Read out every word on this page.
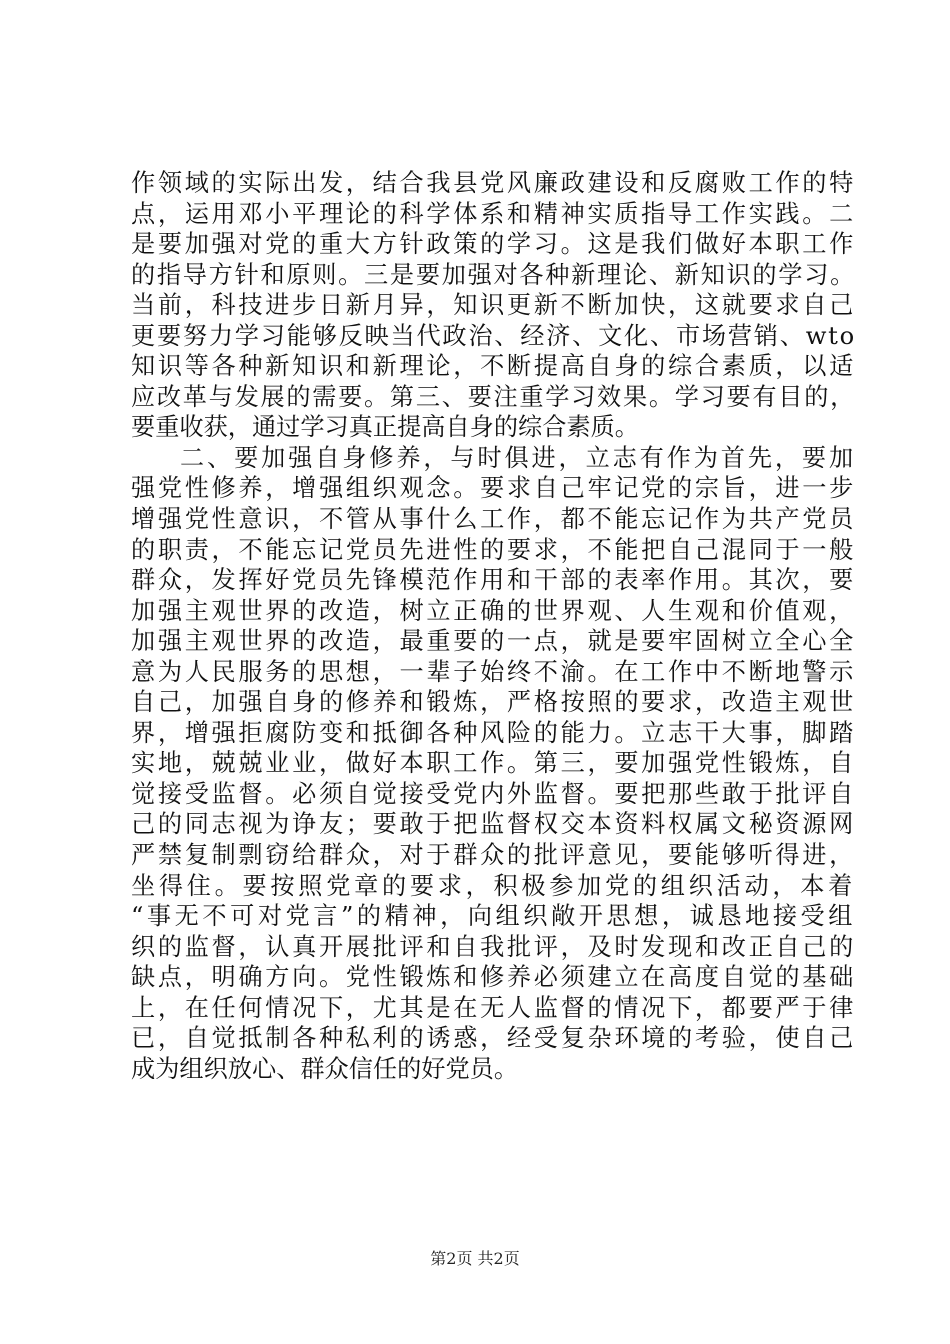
作领域的实际出发，结合我县党风廉政建设和反腐败工作的特
点，运用邓小平理论的科学体系和精神实质指导工作实践。二
是要加强对党的重大方针政策的学习。这是我们做好本职工作
的指导方针和原则。三是要加强对各种新理论、新知识的学习。
当前，科技进步日新月异，知识更新不断加快，这就要求自己
更要努力学习能够反映当代政治、经济、文化、市场营销、wto
知识等各种新知识和新理论，不断提高自身的综合素质，以适
应改革与发展的需要。第三、要注重学习效果。学习要有目的，
要重收获，通过学习真正提高自身的综合素质。
二、要加强自身修养，与时俱进，立志有作为首先，要加
强党性修养，增强组织观念。要求自己牢记党的宗旨，进一步
增强党性意识，不管从事什么工作，都不能忘记作为共产党员
的职责，不能忘记党员先进性的要求，不能把自己混同于一般
群众，发挥好党员先锋模范作用和干部的表率作用。其次，要
加强主观世界的改造，树立正确的世界观、人生观和价值观，
加强主观世界的改造，最重要的一点，就是要牢固树立全心全
意为人民服务的思想，一辈子始终不渝。在工作中不断地警示
自己，加强自身的修养和锻炼，严格按照的要求，改造主观世
界，增强拒腐防变和抵御各种风险的能力。立志干大事，脚踏
实地，兢兢业业，做好本职工作。第三，要加强党性锻炼，自
觉接受监督。必须自觉接受党内外监督。要把那些敢于批评自
己的同志视为诤友；要敢于把监督权交本资料权属文秘资源网
严禁复制剽窃给群众，对于群众的批评意见，要能够听得进，
坐得住。要按照党章的要求，积极参加党的组织活动，本着
“事无不可对党言”的精神，向组织敞开思想，诚恳地接受组
织的监督，认真开展批评和自我批评，及时发现和改正自己的
缺点，明确方向。党性锻炼和修养必须建立在高度自觉的基础
上，在任何情况下，尤其是在无人监督的情况下，都要严于律
已，自觉抵制各种私利的诱惑，经受复杂环境的考验，使自己
成为组织放心、群众信任的好党员。
第2页 共2页
